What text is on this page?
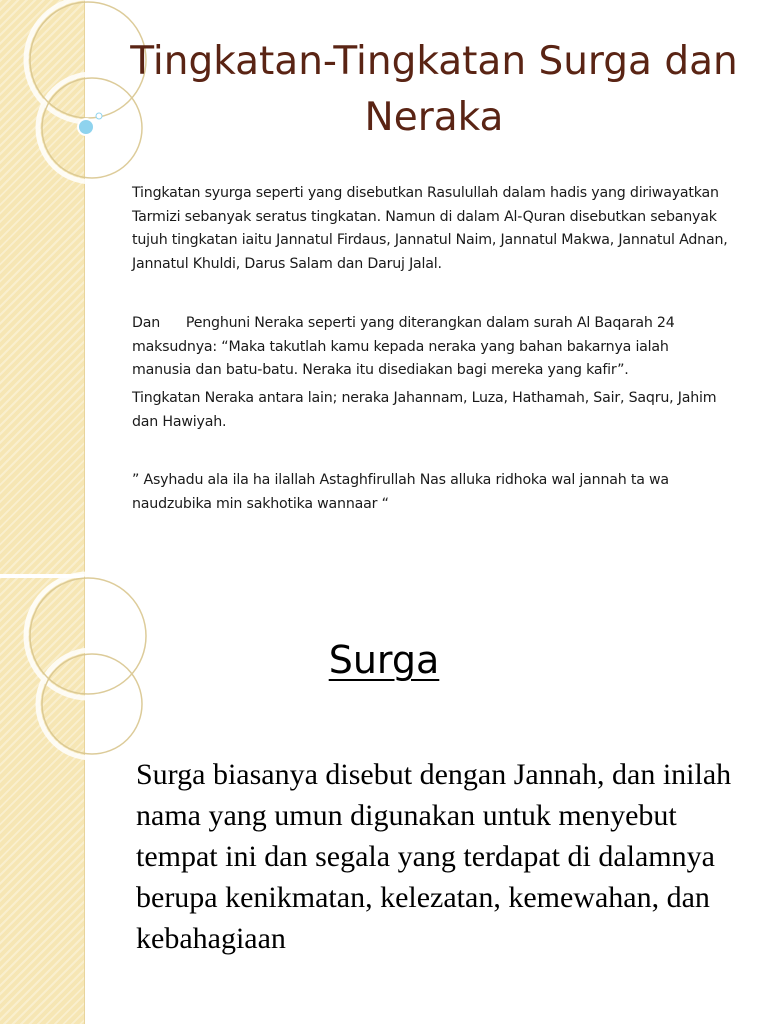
Tingkatan-Tingkatan Surga dan Neraka

Tingkatan syurga seperti yang disebutkan Rasulullah dalam hadis yang diriwayatkan Tarmizi sebanyak seratus tingkatan. Namun di dalam Al-Quran disebutkan sebanyak tujuh tingkatan iaitu Jannatul Firdaus, Jannatul Naim, Jannatul Makwa, Jannatul Adnan, Jannatul Khuldi, Darus Salam dan Daruj Jalal.

Dan      Penghuni Neraka seperti yang diterangkan dalam surah Al Baqarah 24 maksudnya: “Maka takutlah kamu kepada neraka yang bahan bakarnya ialah manusia dan batu-batu. Neraka itu disediakan bagi mereka yang kafir”.

Tingkatan Neraka antara lain; neraka Jahannam, Luza, Hathamah, Sair, Saqru, Jahim dan Hawiyah.

” Asyhadu ala ila ha ilallah Astaghfirullah Nas alluka ridhoka wal jannah ta wa naudzubika min sakhotika wannaar “

Surga

Surga biasanya disebut dengan Jannah, dan inilah nama yang umun digunakan untuk menyebut tempat ini dan segala yang terdapat di dalamnya berupa kenikmatan, kelezatan, kemewahan, dan kebahagiaan
